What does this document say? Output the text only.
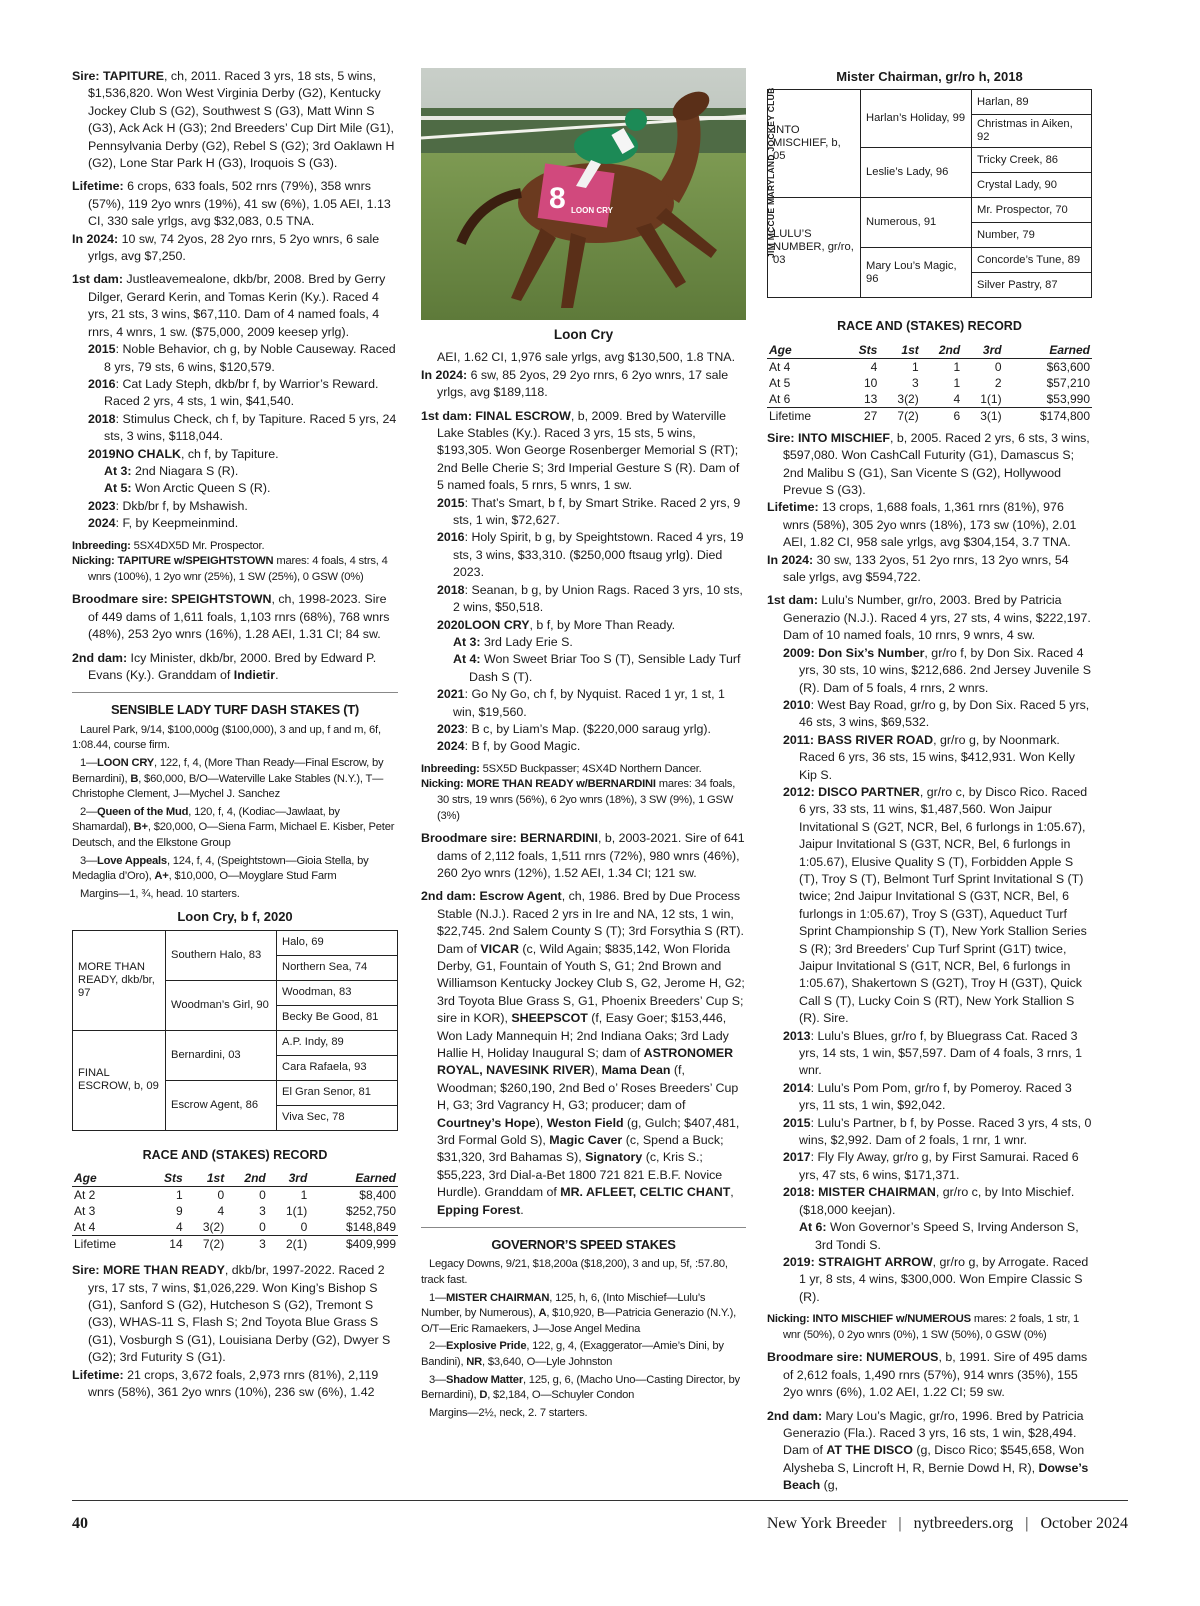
Sire: TAPITURE, ch, 2011. Raced 3 yrs, 18 sts, 5 wins, $1,536,820. Won West Virginia Derby (G2), Kentucky Jockey Club S (G2), Southwest S (G3), Matt Winn S (G3), Ack Ack H (G3); 2nd Breeders’ Cup Dirt Mile (G1), Pennsylvania Derby (G2), Rebel S (G2); 3rd Oaklawn H (G2), Lone Star Park H (G3), Iroquois S (G3).

Lifetime: 6 crops, 633 foals, 502 rnrs (79%), 358 wnrs (57%), 119 2yo wnrs (19%), 41 sw (6%), 1.05 AEI, 1.13 CI, 330 sale yrlgs, avg $32,083, 0.5 TNA.

In 2024: 10 sw, 74 2yos, 28 2yo rnrs, 5 2yo wnrs, 6 sale yrlgs, avg $7,250.

1st dam: Justleavemealone, dkb/br, 2008. Bred by Gerry Dilger, Gerard Kerin, and Tomas Kerin (Ky.). Raced 4 yrs, 21 sts, 3 wins, $67,110. Dam of 4 named foals, 4 rnrs, 4 wnrs, 1 sw. ($75,000, 2009 keesep yrlg).

2015: Noble Behavior, ch g, by Noble Causeway. Raced 8 yrs, 79 sts, 6 wins, $120,579.

2016: Cat Lady Steph, dkb/br f, by Warrior’s Reward. Raced 2 yrs, 4 sts, 1 win, $41,540.

2018: Stimulus Check, ch f, by Tapiture. Raced 5 yrs, 24 sts, 3 wins, $118,044.

2019NO CHALK, ch f, by Tapiture.

At 3: 2nd Niagara S (R).

At 5: Won Arctic Queen S (R).

2023: Dkb/br f, by Mshawish.

2024: F, by Keepmeinmind.

Inbreeding: 5SX4DX5D Mr. Prospector.

Nicking: TAPITURE w/SPEIGHTSTOWN mares: 4 foals, 4 strs, 4 wnrs (100%), 1 2yo wnr (25%), 1 SW (25%), 0 GSW (0%)

Broodmare sire: SPEIGHTSTOWN, ch, 1998-2023. Sire of 449 dams of 1,611 foals, 1,103 rnrs (68%), 768 wnrs (48%), 253 2yo wnrs (16%), 1.28 AEI, 1.31 CI; 84 sw.

2nd dam: Icy Minister, dkb/br, 2000. Bred by Edward P. Evans (Ky.). Granddam of Indietir.

SENSIBLE LADY TURF DASH STAKES (T)

Laurel Park, 9/14, $100,000g ($100,000), 3 and up, f and m, 6f, 1:08.44, course firm.

1—LOON CRY, 122, f, 4, (More Than Ready—Final Escrow, by Bernardini), B, $60,000, B/O—Waterville Lake Stables (N.Y.), T—Christophe Clement, J—Mychel J. Sanchez

2—Queen of the Mud, 120, f, 4, (Kodiac—Jawlaat, by Shamardal), B+, $20,000, O—Siena Farm, Michael E. Kisber, Peter Deutsch, and the Elkstone Group

3—Love Appeals, 124, f, 4, (Speightstown—Gioia Stella, by Medaglia d’Oro), A+, $10,000, O—Moyglare Stud Farm

Margins—1, ¾, head. 10 starters.

Loon Cry, b f, 2020
MORE THAN READY, dkb/br, 97	Southern Halo, 83	Halo, 69
		Northern Sea, 74
	Woodman’s Girl, 90	Woodman, 83
		Becky Be Good, 81
FINAL ESCROW, b, 09	Bernardini, 03	A.P. Indy, 89
		Cara Rafaela, 93
	Escrow Agent, 86	El Gran Senor, 81
		Viva Sec, 78
RACE AND (STAKES) RECORD
Age	Sts	1st	2nd	3rd	Earned
At 2	1	0	0	1	$8,400
At 3	9	4	3	1(1)	$252,750
At 4	4	3(2)	0	0	$148,849
Lifetime	14	7(2)	3	2(1)	$409,999

Sire: MORE THAN READY, dkb/br, 1997-2022. Raced 2 yrs, 17 sts, 7 wins, $1,026,229. Won King’s Bishop S (G1), Sanford S (G2), Hutcheson S (G2), Tremont S (G3), WHAS-11 S, Flash S; 2nd Toyota Blue Grass S (G1), Vosburgh S (G1), Louisiana Derby (G2), Dwyer S (G2); 3rd Futurity S (G1).

Lifetime: 21 crops, 3,672 foals, 2,973 rnrs (81%), 2,119 wnrs (58%), 361 2yo wnrs (10%), 236 sw (6%), 1.42

8 LOON CRY	JIM MCCUE MARYLAND JOCKEY CLUB
Loon Cry

AEI, 1.62 CI, 1,976 sale yrlgs, avg $130,500, 1.8 TNA.

In 2024: 6 sw, 85 2yos, 29 2yo rnrs, 6 2yo wnrs, 17 sale yrlgs, avg $189,118.

1st dam: FINAL ESCROW, b, 2009. Bred by Waterville Lake Stables (Ky.). Raced 3 yrs, 15 sts, 5 wins, $193,305. Won George Rosenberger Memorial S (RT); 2nd Belle Cherie S; 3rd Imperial Gesture S (R). Dam of 5 named foals, 5 rnrs, 5 wnrs, 1 sw.

2015: That’s Smart, b f, by Smart Strike. Raced 2 yrs, 9 sts, 1 win, $72,627.

2016: Holy Spirit, b g, by Speightstown. Raced 4 yrs, 19 sts, 3 wins, $33,310. ($250,000 ftsaug yrlg). Died 2023.

2018: Seanan, b g, by Union Rags. Raced 3 yrs, 10 sts, 2 wins, $50,518.

2020LOON CRY, b f, by More Than Ready.

At 3: 3rd Lady Erie S.

At 4: Won Sweet Briar Too S (T), Sensible Lady Turf Dash S (T).

2021: Go Ny Go, ch f, by Nyquist. Raced 1 yr, 1 st, 1 win, $19,560.

2023: B c, by Liam’s Map. ($220,000 saraug yrlg).

2024: B f, by Good Magic.

Inbreeding: 5SX5D Buckpasser; 4SX4D Northern Dancer.

Nicking: MORE THAN READY w/BERNARDINI mares: 34 foals, 30 strs, 19 wnrs (56%), 6 2yo wnrs (18%), 3 SW (9%), 1 GSW (3%)

Broodmare sire: BERNARDINI, b, 2003-2021. Sire of 641 dams of 2,112 foals, 1,511 rnrs (72%), 980 wnrs (46%), 260 2yo wnrs (12%), 1.52 AEI, 1.34 CI; 121 sw.

2nd dam: Escrow Agent, ch, 1986. Bred by Due Process Stable (N.J.). Raced 2 yrs in Ire and NA, 12 sts, 1 win, $22,745. 2nd Salem County S (T); 3rd Forsythia S (RT). Dam of VICAR (c, Wild Again; $835,142, Won Florida Derby, G1, Fountain of Youth S, G1; 2nd Brown and Williamson Kentucky Jockey Club S, G2, Jerome H, G2; 3rd Toyota Blue Grass S, G1, Phoenix Breeders’ Cup S; sire in KOR), SHEEPSCOT (f, Easy Goer; $153,446, Won Lady Mannequin H; 2nd Indiana Oaks; 3rd Lady Hallie H, Holiday Inaugural S; dam of ASTRONOMER ROYAL, NAVESINK RIVER), Mama Dean (f, Woodman; $260,190, 2nd Bed o’ Roses Breeders’ Cup H, G3; 3rd Vagrancy H, G3; producer; dam of Courtney’s Hope), Weston Field (g, Gulch; $407,481, 3rd Formal Gold S), Magic Caver (c, Spend a Buck; $31,320, 3rd Bahamas S), Signatory (c, Kris S.; $55,223, 3rd Dial-a-Bet 1800 721 821 E.B.F. Novice Hurdle). Granddam of MR. AFLEET, CELTIC CHANT, Epping Forest.

GOVERNOR’S SPEED STAKES

Legacy Downs, 9/21, $18,200a ($18,200), 3 and up, 5f, :57.80, track fast.

1—MISTER CHAIRMAN, 125, h, 6, (Into Mischief—Lulu’s Number, by Numerous), A, $10,920, B—Patricia Generazio (N.Y.), O/T—Eric Ramaekers, J—Jose Angel Medina

2—Explosive Pride, 122, g, 4, (Exaggerator—Amie’s Dini, by Bandini), NR, $3,640, O—Lyle Johnston

3—Shadow Matter, 125, g, 6, (Macho Uno—Casting Director, by Bernardini), D, $2,184, O—Schuyler Condon

Margins—2½, neck, 2. 7 starters.

Mister Chairman, gr/ro h, 2018
INTO MISCHIEF, b, 05	Harlan’s Holiday, 99	Harlan, 89
		Christmas in Aiken, 92
	Leslie’s Lady, 96	Tricky Creek, 86
		Crystal Lady, 90
LULU’S NUMBER, gr/ro, 03	Numerous, 91	Mr. Prospector, 70
		Number, 79
	Mary Lou’s Magic, 96	Concorde’s Tune, 89
		Silver Pastry, 87
RACE AND (STAKES) RECORD
Age	Sts	1st	2nd	3rd	Earned
At 4	4	1	1	0	$63,600
At 5	10	3	1	2	$57,210
At 6	13	3(2)	4	1(1)	$53,990
Lifetime	27	7(2)	6	3(1)	$174,800

Sire: INTO MISCHIEF, b, 2005. Raced 2 yrs, 6 sts, 3 wins, $597,080. Won CashCall Futurity (G1), Damascus S; 2nd Malibu S (G1), San Vicente S (G2), Hollywood Prevue S (G3).

Lifetime: 13 crops, 1,688 foals, 1,361 rnrs (81%), 976 wnrs (58%), 305 2yo wnrs (18%), 173 sw (10%), 2.01 AEI, 1.82 CI, 958 sale yrlgs, avg $304,154, 3.7 TNA.

In 2024: 30 sw, 133 2yos, 51 2yo rnrs, 13 2yo wnrs, 54 sale yrlgs, avg $594,722.

1st dam: Lulu’s Number, gr/ro, 2003. Bred by Patricia Generazio (N.J.). Raced 4 yrs, 27 sts, 4 wins, $222,197. Dam of 10 named foals, 10 rnrs, 9 wnrs, 4 sw.

2009: Don Six’s Number, gr/ro f, by Don Six. Raced 4 yrs, 30 sts, 10 wins, $212,686. 2nd Jersey Juvenile S (R). Dam of 5 foals, 4 rnrs, 2 wnrs.

2010: West Bay Road, gr/ro g, by Don Six. Raced 5 yrs, 46 sts, 3 wins, $69,532.

2011: BASS RIVER ROAD, gr/ro g, by Noonmark. Raced 6 yrs, 36 sts, 15 wins, $412,931. Won Kelly Kip S.

2012: DISCO PARTNER, gr/ro c, by Disco Rico. Raced 6 yrs, 33 sts, 11 wins, $1,487,560. Won Jaipur Invitational S (G2T, NCR, Bel, 6 furlongs in 1:05.67), Jaipur Invitational S (G3T, NCR, Bel, 6 furlongs in 1:05.67), Elusive Quality S (T), Forbidden Apple S (T), Troy S (T), Belmont Turf Sprint Invitational S (T) twice; 2nd Jaipur Invitational S (G3T, NCR, Bel, 6 furlongs in 1:05.67), Troy S (G3T), Aqueduct Turf Sprint Championship S (T), New York Stallion Series S (R); 3rd Breeders’ Cup Turf Sprint (G1T) twice, Jaipur Invitational S (G1T, NCR, Bel, 6 furlongs in 1:05.67), Shakertown S (G2T), Troy H (G3T), Quick Call S (T), Lucky Coin S (RT), New York Stallion S (R). Sire.

2013: Lulu’s Blues, gr/ro f, by Bluegrass Cat. Raced 3 yrs, 14 sts, 1 win, $57,597. Dam of 4 foals, 3 rnrs, 1 wnr.

2014: Lulu’s Pom Pom, gr/ro f, by Pomeroy. Raced 3 yrs, 11 sts, 1 win, $92,042.

2015: Lulu’s Partner, b f, by Posse. Raced 3 yrs, 4 sts, 0 wins, $2,992. Dam of 2 foals, 1 rnr, 1 wnr.

2017: Fly Fly Away, gr/ro g, by First Samurai. Raced 6 yrs, 47 sts, 6 wins, $171,371.

2018: MISTER CHAIRMAN, gr/ro c, by Into Mischief. ($18,000 keejan).

At 6: Won Governor’s Speed S, Irving Anderson S, 3rd Tondi S.

2019: STRAIGHT ARROW, gr/ro g, by Arrogate. Raced 1 yr, 8 sts, 4 wins, $300,000. Won Empire Classic S (R).

Nicking: INTO MISCHIEF w/NUMEROUS mares: 2 foals, 1 str, 1 wnr (50%), 0 2yo wnrs (0%), 1 SW (50%), 0 GSW (0%)

Broodmare sire: NUMEROUS, b, 1991. Sire of 495 dams of 2,612 foals, 1,490 rnrs (57%), 914 wnrs (35%), 155 2yo wnrs (6%), 1.02 AEI, 1.22 CI; 59 sw.

2nd dam: Mary Lou’s Magic, gr/ro, 1996. Bred by Patricia Generazio (Fla.). Raced 3 yrs, 16 sts, 1 win, $28,494. Dam of AT THE DISCO (g, Disco Rico; $545,658, Won Alysheba S, Lincroft H, R, Bernie Dowd H, R), Dowse’s Beach (g,

40	New York Breeder | nytbreeders.org | October 2024
